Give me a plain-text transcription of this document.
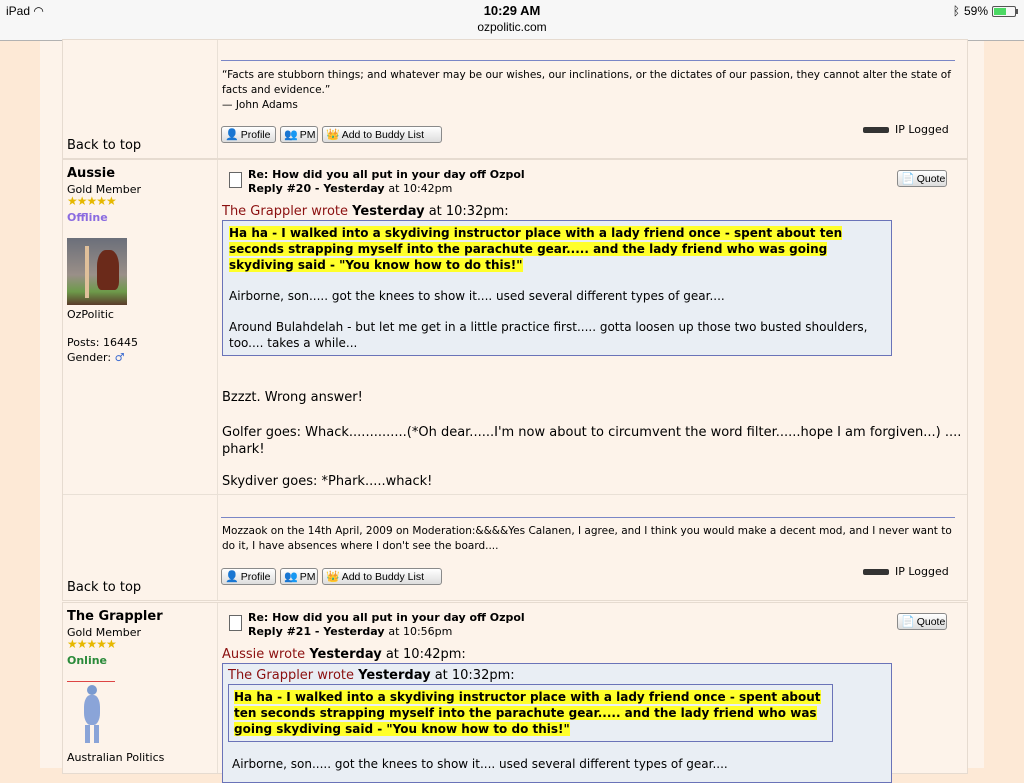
iPad ◠	10:29 AM
ozpolitic.com
ᛒ 59%
“Facts are stubborn things; and whatever may be our wishes, our inclinations, or the dictates of our passion, they cannot alter the state of facts and evidence.”
— John Adams
👤 Profile 👥 PM 👑 Add to Buddy List	IP Logged
Back to top
Aussie
Gold Member
★★★★★
Offline
OzPolitic
Posts: 16445
Gender: ♂
Re: How did you all put in your day off Ozpol
Reply #20 - Yesterday at 10:42pm
📄 Quote
The Grappler wrote Yesterday at 10:32pm:
Ha ha - I walked into a skydiving instructor place with a lady friend once - spent about ten seconds strapping myself into the parachute gear..... and the lady friend who was going skydiving said - "You know how to do this!"
Airborne, son..... got the knees to show it.... used several different types of gear....
Around Bulahdelah - but let me get in a little practice first..... gotta loosen up those two busted shoulders, too.... takes a while...
Bzzzt. Wrong answer!
Golfer goes: Whack..............(*Oh dear......I'm now about to circumvent the word filter......hope I am forgiven...) .... phark!
Skydiver goes: *Phark.....whack!
Mozzaok on the 14th April, 2009 on Moderation:&&&&Yes Calanen, I agree, and I think you would make a decent mod, and I never want to do it, I have absences where I don't see the board....
👤 Profile 👥 PM 👑 Add to Buddy List	IP Logged
Back to top
The Grappler
Gold Member
★★★★★
Online
Australian Politics
Re: How did you all put in your day off Ozpol
Reply #21 - Yesterday at 10:56pm
📄 Quote
Aussie wrote Yesterday at 10:42pm:
The Grappler wrote Yesterday at 10:32pm:
Ha ha - I walked into a skydiving instructor place with a lady friend once - spent about ten seconds strapping myself into the parachute gear..... and the lady friend who was going skydiving said - "You know how to do this!"
Airborne, son..... got the knees to show it.... used several different types of gear....
